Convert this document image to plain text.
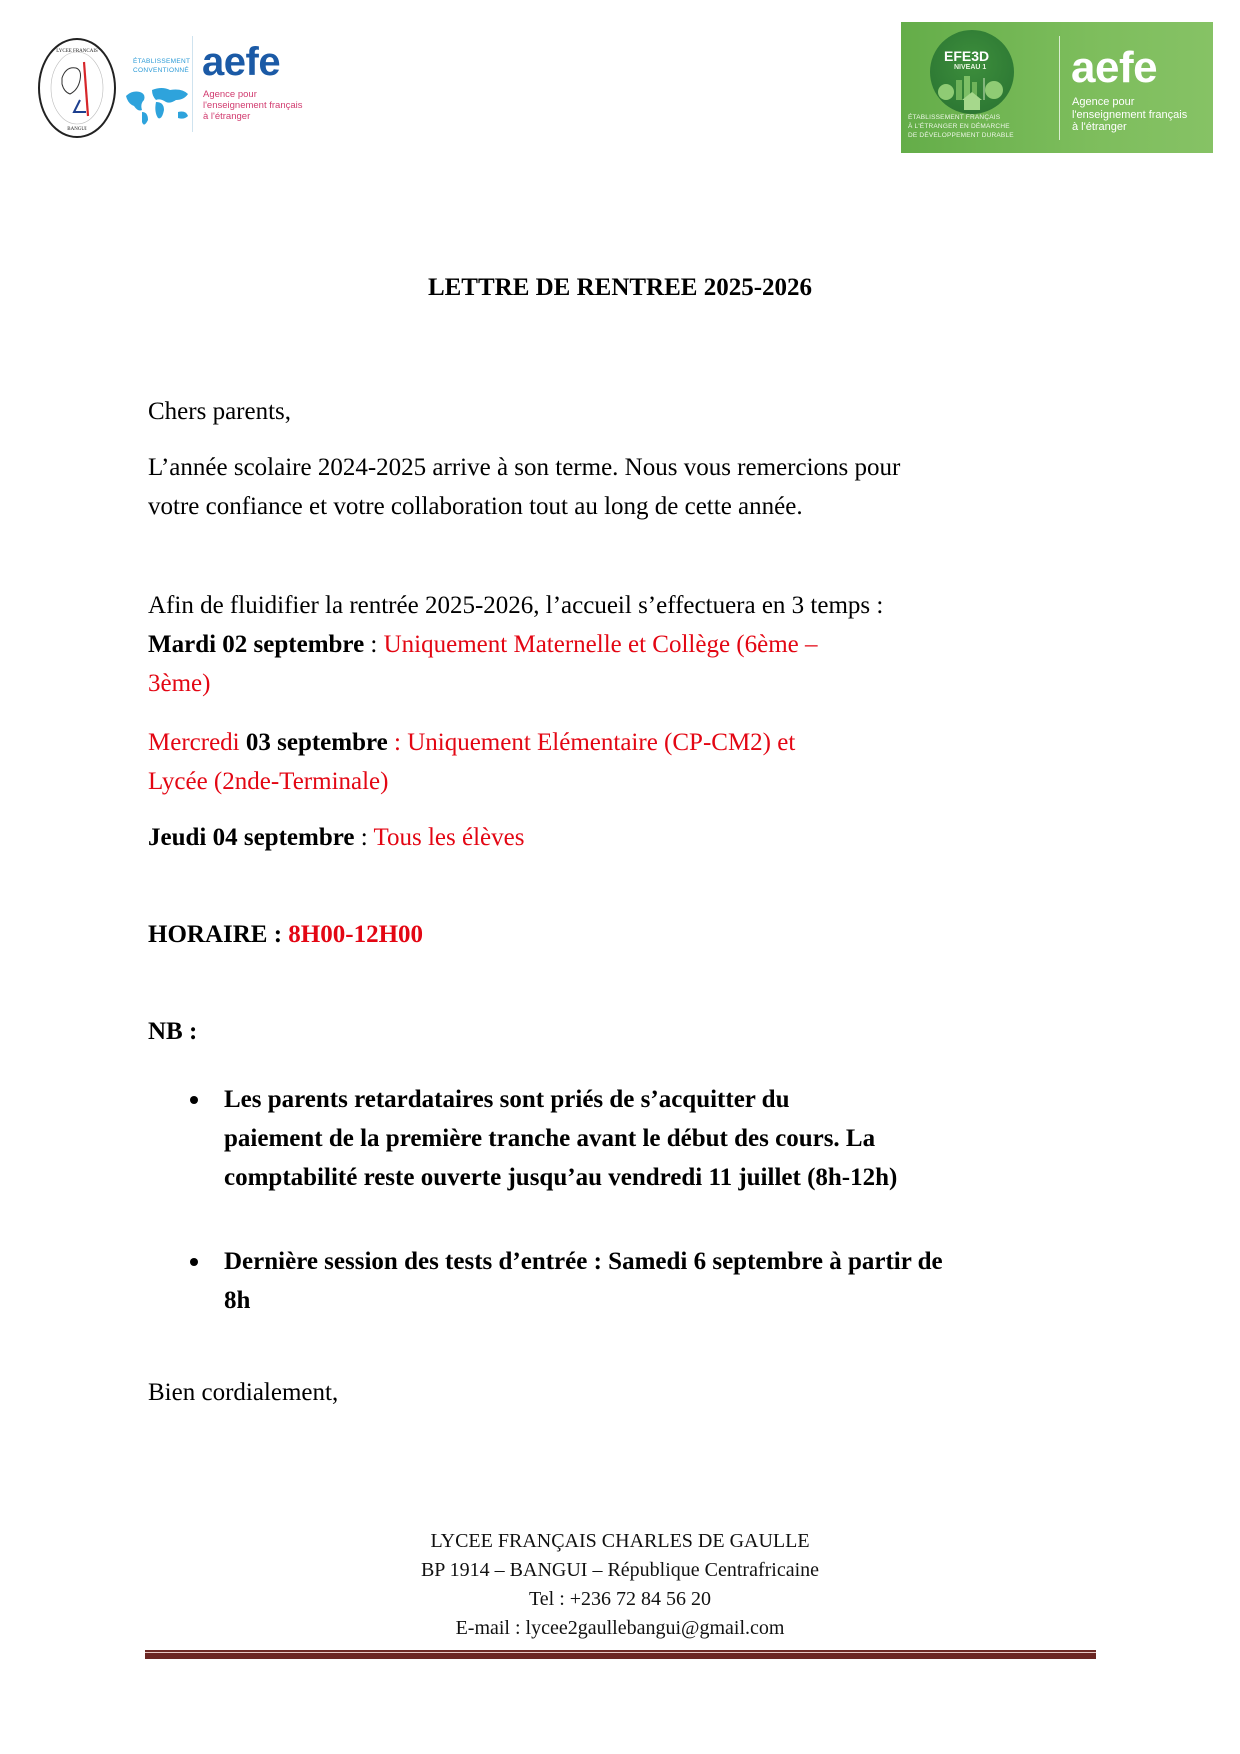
LYCEE FRANCAIS
BANGUI
ÉTABLISSEMENT
CONVENTIONNÉ aefe
Agence pour
l'enseignement français
à l'étranger
EFE3D
NIVEAU 1
ÉTABLISSEMENT FRANÇAIS
À L'ÉTRANGER EN DÉMARCHE
DE DÉVELOPPEMENT DURABLE
aefe
Agence pour
l'enseignement français
à l'étranger
LETTRE DE RENTREE 2025-2026
Chers parents,
L’année scolaire 2024-2025 arrive à son terme. Nous vous remercions pour
votre confiance et votre collaboration tout au long de cette année.
Afin de fluidifier la rentrée 2025-2026, l’accueil s’effectuera en 3 temps :
Mardi 02 septembre : Uniquement Maternelle et Collège (6ème –
3ème)
Mercredi 03 septembre : Uniquement Elémentaire (CP-CM2) et
Lycée (2nde-Terminale)
Jeudi 04 septembre : Tous les élèves
HORAIRE : 8H00-12H00
NB :
Les parents retardataires sont priés de s’acquitter du
paiement de la première tranche avant le début des cours. La
comptabilité reste ouverte jusqu’au vendredi 11 juillet (8h-12h)
Dernière session des tests d’entrée : Samedi 6 septembre à partir de
8h
Bien cordialement,
LYCEE FRANÇAIS CHARLES DE GAULLE
BP 1914 – BANGUI – République Centrafricaine
Tel : +236 72 84 56 20
E-mail : lycee2gaullebangui@gmail.com
